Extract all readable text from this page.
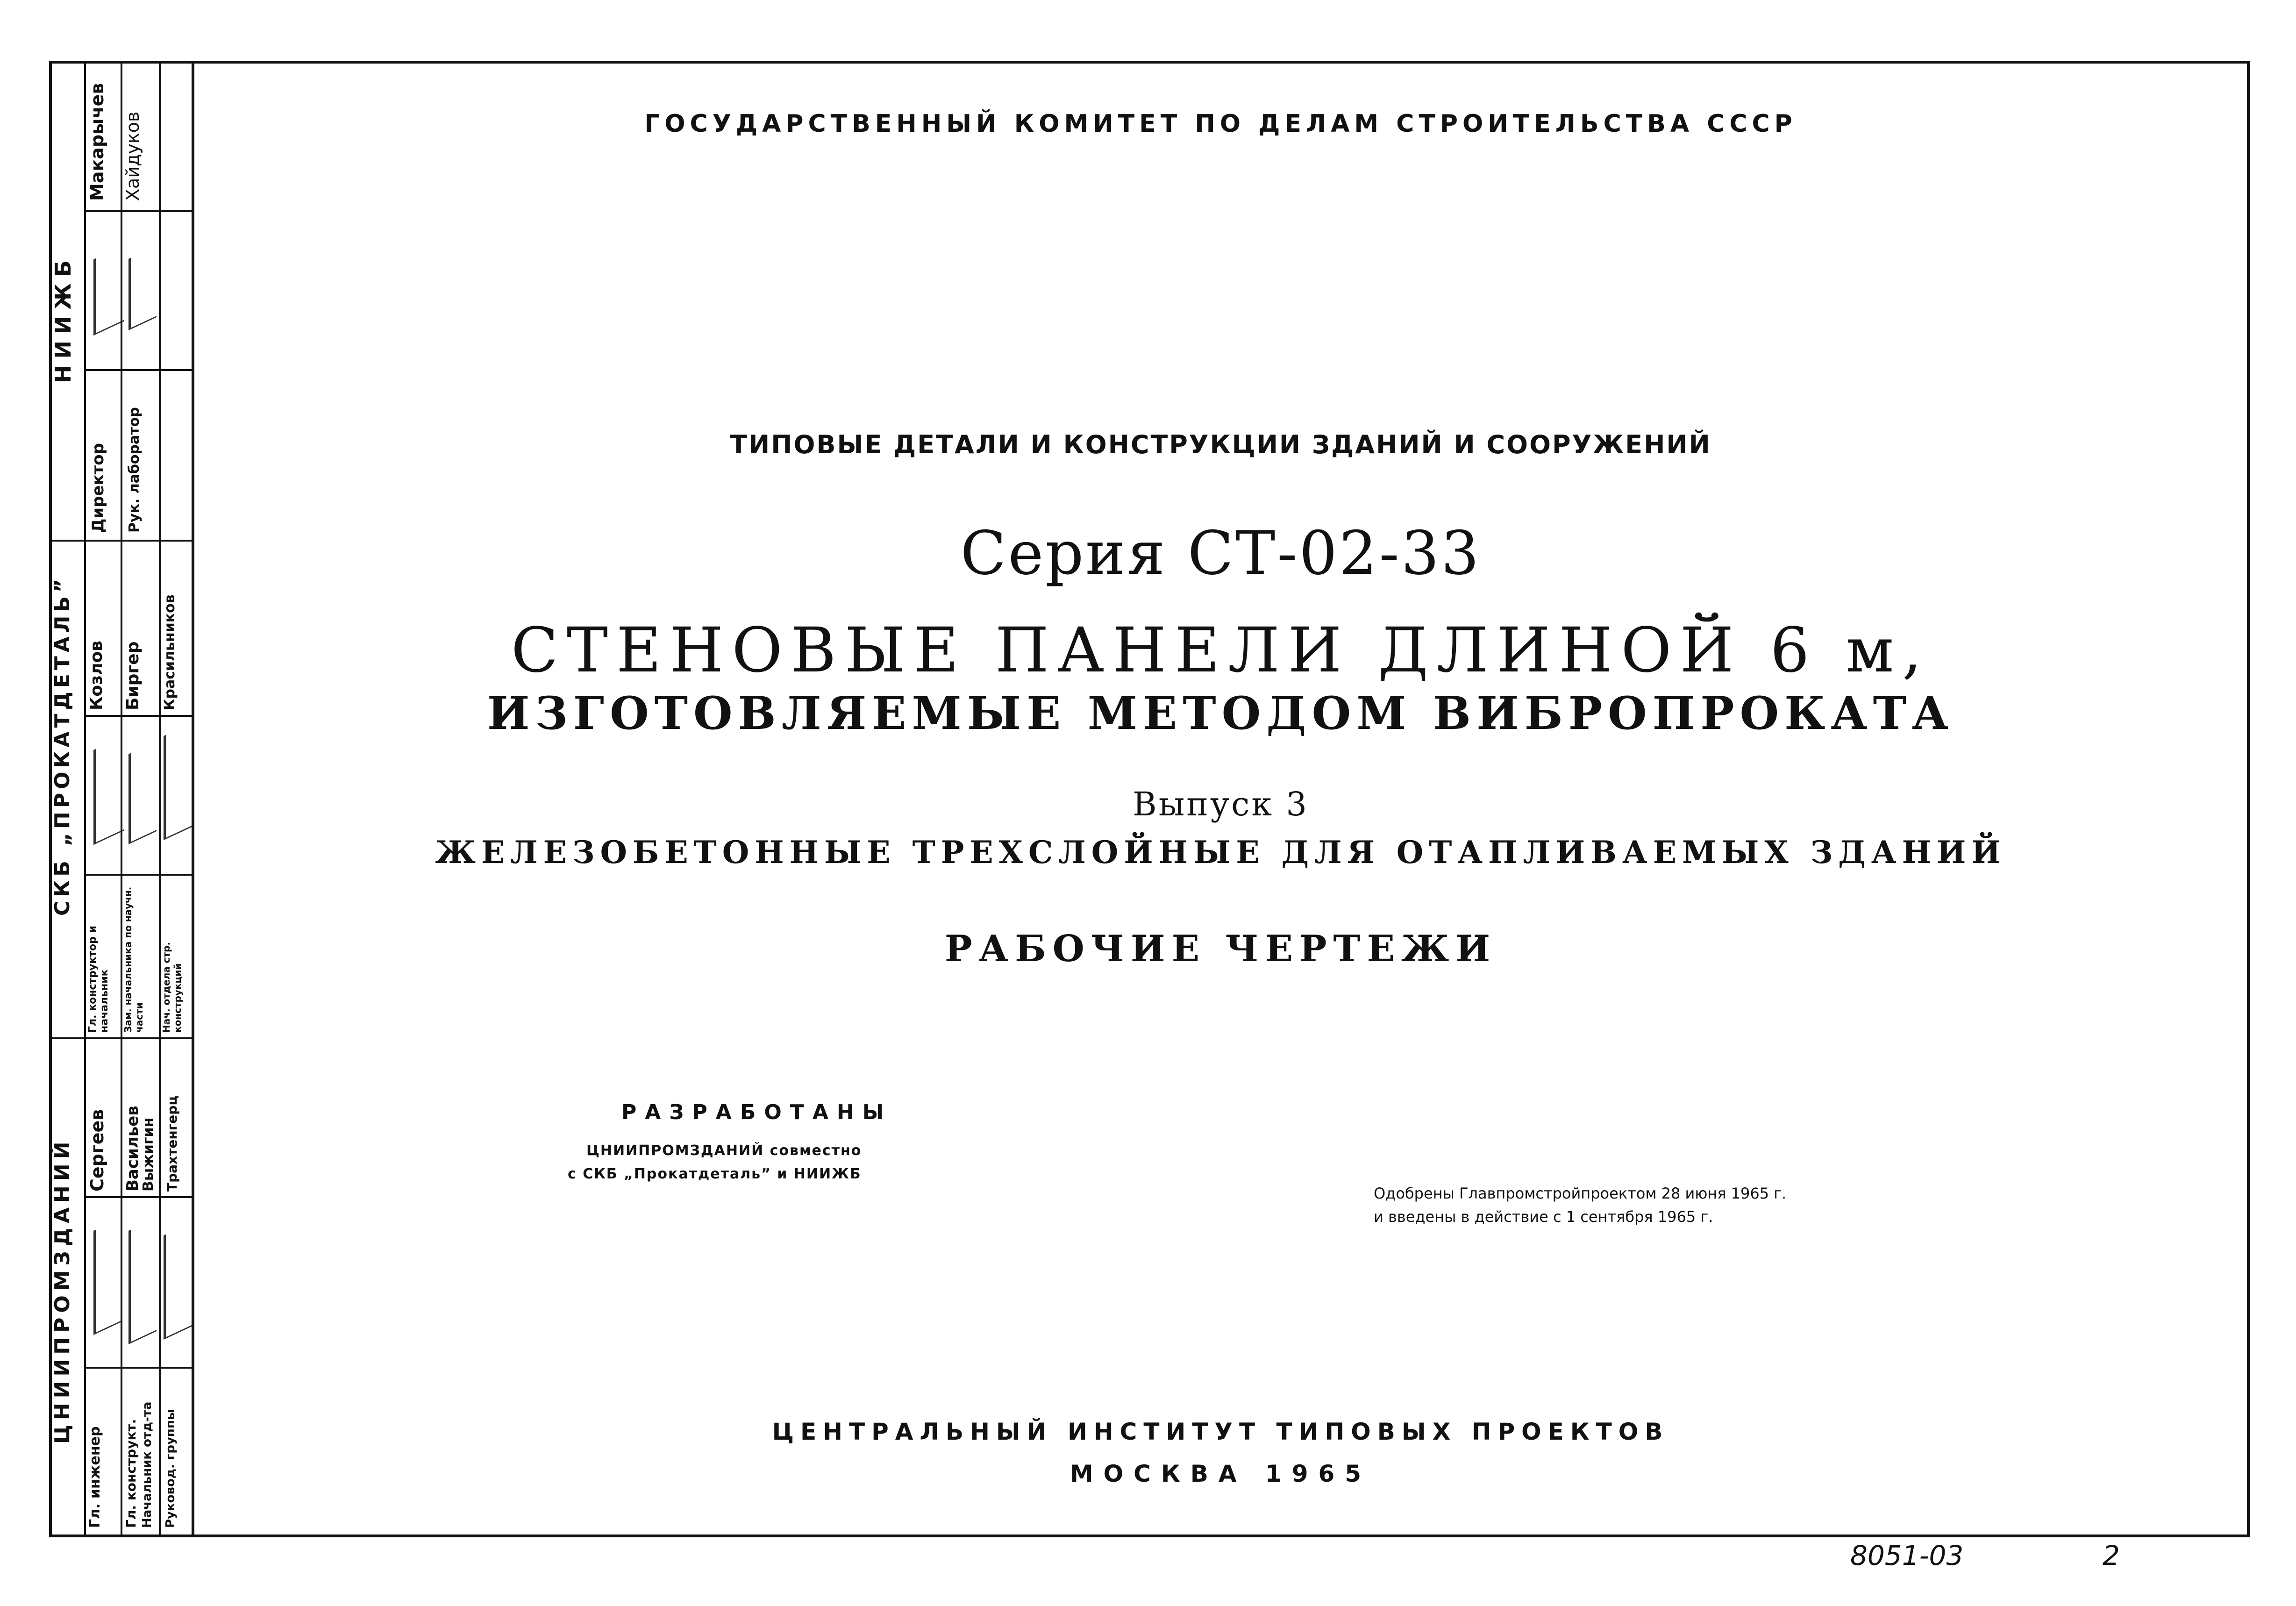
НИИЖБ
Директор Рук. лаборатор
Макарычев Хайдуков
СКБ „ПРОКАТДЕТАЛЬ”
Гл. конструктор и начальник Зам. начальника по научн. части Нач. отдела стр. конструкций
Козлов Биргер Красильников
ЦНИИПРОМЗДАНИЙ
Гл. инженер Гл. конструкт. Начальник отд-та Руковод. группы
Сергеев Васильев
Выжигин Трахтенгерц
ГОСУДАРСТВЕННЫЙ КОМИТЕТ ПО ДЕЛАМ СТРОИТЕЛЬСТВА СССР
ТИПОВЫЕ ДЕТАЛИ И КОНСТРУКЦИИ ЗДАНИЙ И СООРУЖЕНИЙ
Серия СТ-02-33
СТЕНОВЫЕ ПАНЕЛИ ДЛИНОЙ 6 м,
ИЗГОТОВЛЯЕМЫЕ МЕТОДОМ ВИБРОПРОКАТА
Выпуск 3
ЖЕЛЕЗОБЕТОННЫЕ ТРЕХСЛОЙНЫЕ ДЛЯ ОТАПЛИВАЕМЫХ ЗДАНИЙ
РАБОЧИЕ ЧЕРТЕЖИ
РАЗРАБОТАНЫ
ЦНИИПРОМЗДАНИЙ совместно
с СКБ „Прокатдеталь” и НИИЖБ
Одобрены Главпромстройпроектом 28 июня 1965 г.
и введены в действие с 1 сентября 1965 г.
ЦЕНТРАЛЬНЫЙ ИНСТИТУТ ТИПОВЫХ ПРОЕКТОВ
МОСКВА 1965
8051-03	2
